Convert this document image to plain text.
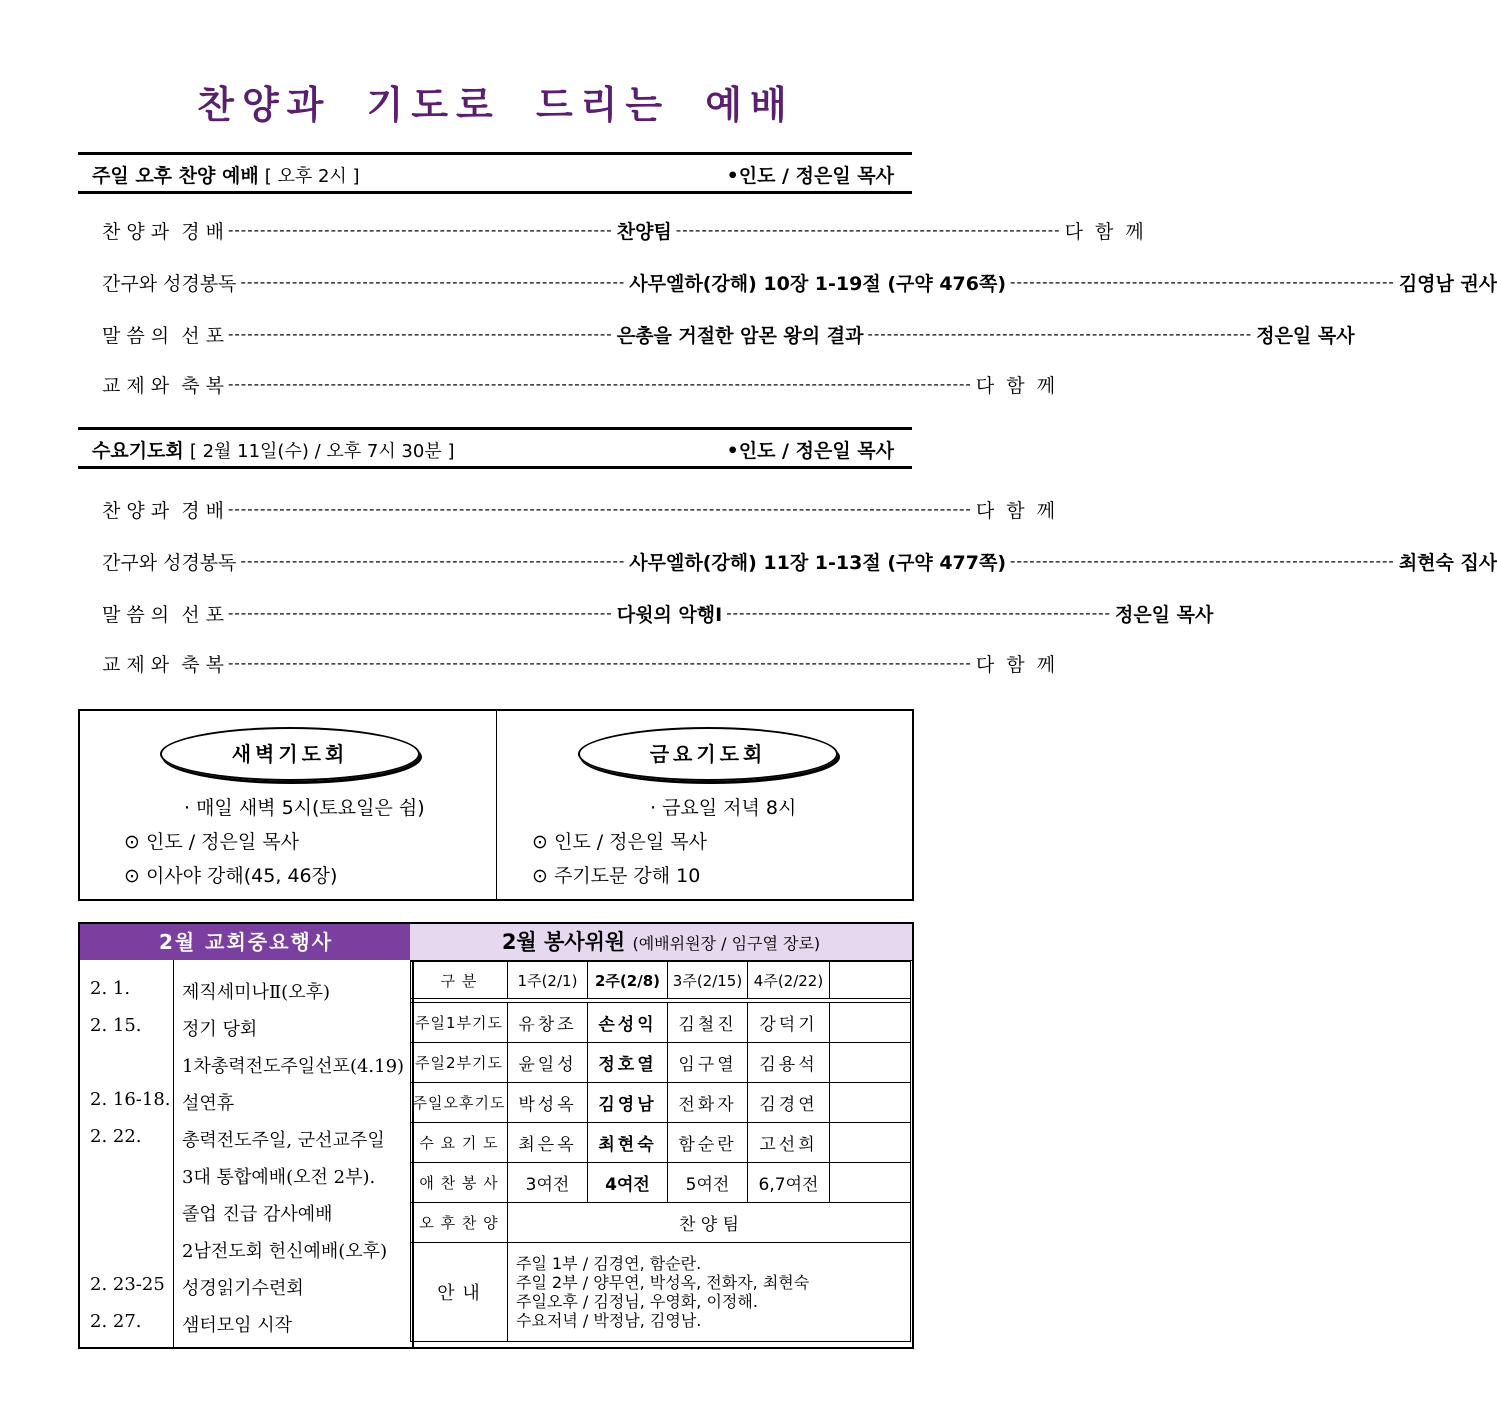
찬양과 기도로 드리는 예배
주일 오후 찬양 예배 [ 오후 2시 ]	•인도 / 정은일 목사
찬 양 과  경 배 ------------------------------------------------------------ 찬양팀 ------------------------------------------------------------ 다  함  께
간구와 성경봉독 ------------------------------------------------------------ 사무엘하(강해) 10장 1-19절 (구약 476쪽) ------------------------------------------------------------ 김영남 권사
말 씀 의  선 포 ------------------------------------------------------------ 은총을 거절한 암몬 왕의 결과 ------------------------------------------------------------ 정은일 목사
교 제 와  축 복 -------------------------------------------------------------------------------------------------------------------- 다  함  께
수요기도회 [ 2월 11일(수) / 오후 7시 30분 ]	•인도 / 정은일 목사
찬 양 과  경 배 -------------------------------------------------------------------------------------------------------------------- 다  함  께
간구와 성경봉독 ------------------------------------------------------------ 사무엘하(강해) 11장 1-13절 (구약 477쪽) ------------------------------------------------------------ 최현숙 집사
말 씀 의  선 포 ------------------------------------------------------------ 다윗의 악행Ⅰ ------------------------------------------------------------ 정은일 목사
교 제 와  축 복 -------------------------------------------------------------------------------------------------------------------- 다  함  께
새벽기도회
· 매일 새벽 5시(토요일은 쉼)
⊙ 인도 / 정은일 목사
⊙ 이사야 강해(45, 46장)
금요기도회
· 금요일 저녁 8시
⊙ 인도 / 정은일 목사
⊙ 주기도문 강해 10
2월 교회중요행사
2. 1.	제직세미나Ⅱ(오후)
2. 15. 정기 당회
1차총력전도주일선포(4.19)
2. 16-18. 설연휴
2. 22. 총력전도주일, 군선교주일
3대 통합예배(오전 2부).
졸업 진급 감사예배
2남전도회 헌신예배(오후)
2. 23-25 성경읽기수련회
2. 27. 샘터모임 시작
2월 봉사위원 (예배위원장 / 임구열 장로)
구 분	1주(2/1)	2주(2/8)	3주(2/15)	4주(2/22)	

주일1부기도	유창조	손성익	김철진	강덕기	
주일2부기도	윤일성	정호열	임구열	김용석	
주일오후기도	박성옥	김영남	전화자	김경연	
수 요 기 도	최은옥	최현숙	함순란	고선희	
애 찬 봉 사	3여전	4여전	5여전	6,7여전	
오 후 찬 양	찬 양 팀				
안 내	주일 1부 / 김경연, 함순란.
주일 2부 / 양무연, 박성옥, 전화자, 최현숙
주일오후 / 김정님, 우영화, 이정해.
수요저녁 / 박정남, 김영남.				
